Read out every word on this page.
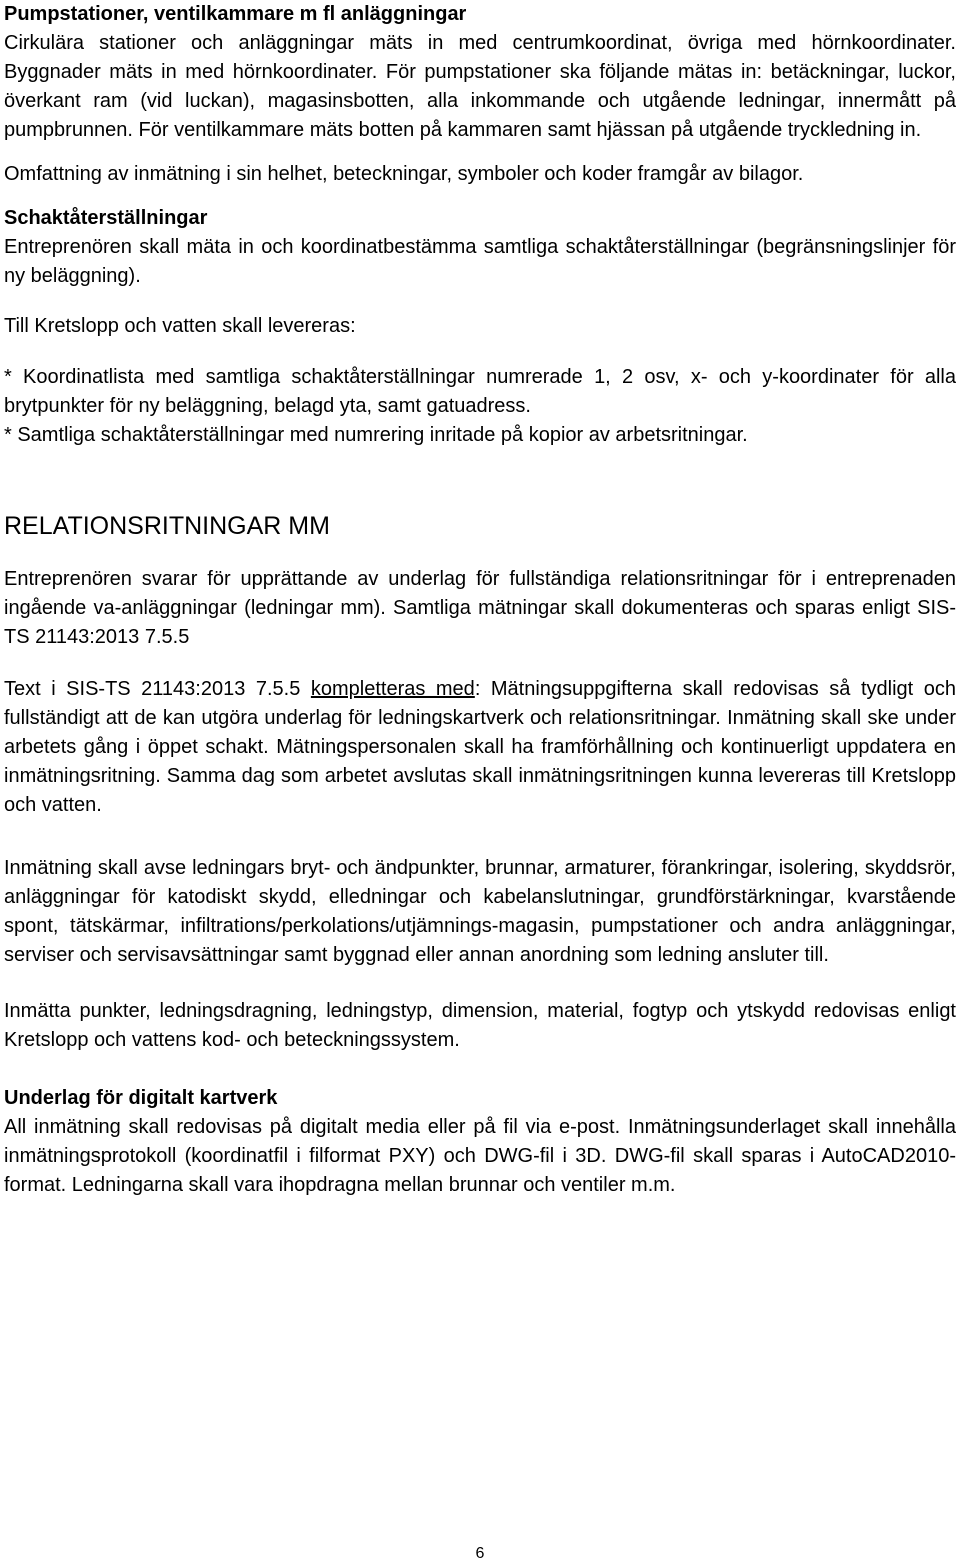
Pumpstationer, ventilkammare m fl anläggningar

Cirkulära stationer och anläggningar mäts in med centrumkoordinat, övriga med hörnkoordinater. Byggnader mäts in med hörnkoordinater. För pumpstationer ska följande mätas in: betäckningar, luckor, överkant ram (vid luckan), magasinsbotten, alla inkommande och utgående ledningar, innermått på pumpbrunnen. För ventilkammare mäts botten på kammaren samt hjässan på utgående tryckledning in.

Omfattning av inmätning i sin helhet, beteckningar, symboler och koder framgår av bilagor.

Schaktåterställningar

Entreprenören skall mäta in och koordinatbestämma samtliga schaktåterställningar (begränsningslinjer för ny beläggning).

Till Kretslopp och vatten skall levereras:

* Koordinatlista med samtliga schaktåterställningar numrerade 1, 2 osv, x- och y-koordinater för alla brytpunkter för ny beläggning, belagd yta, samt gatuadress.

* Samtliga schaktåterställningar med numrering inritade på kopior av arbetsritningar.

RELATIONSRITNINGAR MM

Entreprenören svarar för upprättande av underlag för fullständiga relationsritningar för i entreprenaden ingående va-anläggningar (ledningar mm). Samtliga mätningar skall dokumenteras och sparas enligt SIS-TS 21143:2013 7.5.5

Text i SIS-TS 21143:2013 7.5.5 kompletteras med: Mätningsuppgifterna skall redovisas så tydligt och fullständigt att de kan utgöra underlag för ledningskartverk och relationsritningar. Inmätning skall ske under arbetets gång i öppet schakt. Mätningspersonalen skall ha framförhållning och kontinuerligt uppdatera en inmätningsritning. Samma dag som arbetet avslutas skall inmätningsritningen kunna levereras till Kretslopp och vatten.

Inmätning skall avse ledningars bryt- och ändpunkter, brunnar, armaturer, förankringar, isolering, skyddsrör, anläggningar för katodiskt skydd, elledningar och kabelanslutningar, grundförstärkningar, kvarstående spont, tätskärmar, infiltrations/perkolations/utjämnings-magasin, pumpstationer och andra anläggningar, serviser och servisavsättningar samt byggnad eller annan anordning som ledning ansluter till.

Inmätta punkter, ledningsdragning, ledningstyp, dimension, material, fogtyp och ytskydd redovisas enligt Kretslopp och vattens kod- och beteckningssystem.

Underlag för digitalt kartverk

All inmätning skall redovisas på digitalt media eller på fil via e-post. Inmätningsunderlaget skall innehålla inmätningsprotokoll (koordinatfil i filformat PXY) och DWG-fil i 3D. DWG-fil skall sparas i AutoCAD2010-format. Ledningarna skall vara ihopdragna mellan brunnar och ventiler m.m.

6
